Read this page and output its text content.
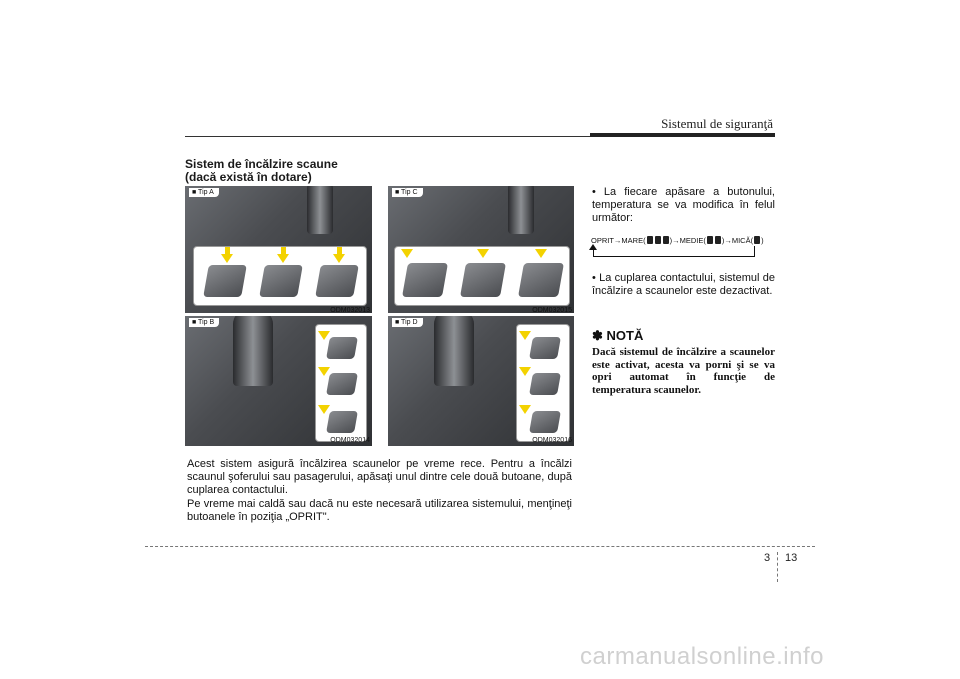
Sistemul de siguranţă
Sistem de încălzire scaune
(dacă există în dotare)
■ Tip A
ODM032013
■ Tip B
ODM032014
■ Tip C
ODM032015
■ Tip D
ODM032016
Acest sistem asigură încălzirea scaunelor pe vreme rece. Pentru a încălzi scaunul şoferului sau pasagerului, apăsaţi unul dintre cele două butoane, după cuplarea contactului.
Pe vreme mai caldă sau dacă nu este necesară utilizarea sistemului, menţineţi butoanele în poziţia „OPRIT".
• La fiecare apăsare a butonului, temperatura se va modifica în felul următor:
OPRIT→MARE(	)→MEDIE( )→MICĂ( )
• La cuplarea contactului, sistemul de încălzire a scaunelor este dezactivat.
✽ NOTĂ
Dacă sistemul de încălzire a scaunelor este activat, acesta va porni şi se va opri automat în funcţie de temperatura scaunelor.
3 13
carmanualsonline.info
